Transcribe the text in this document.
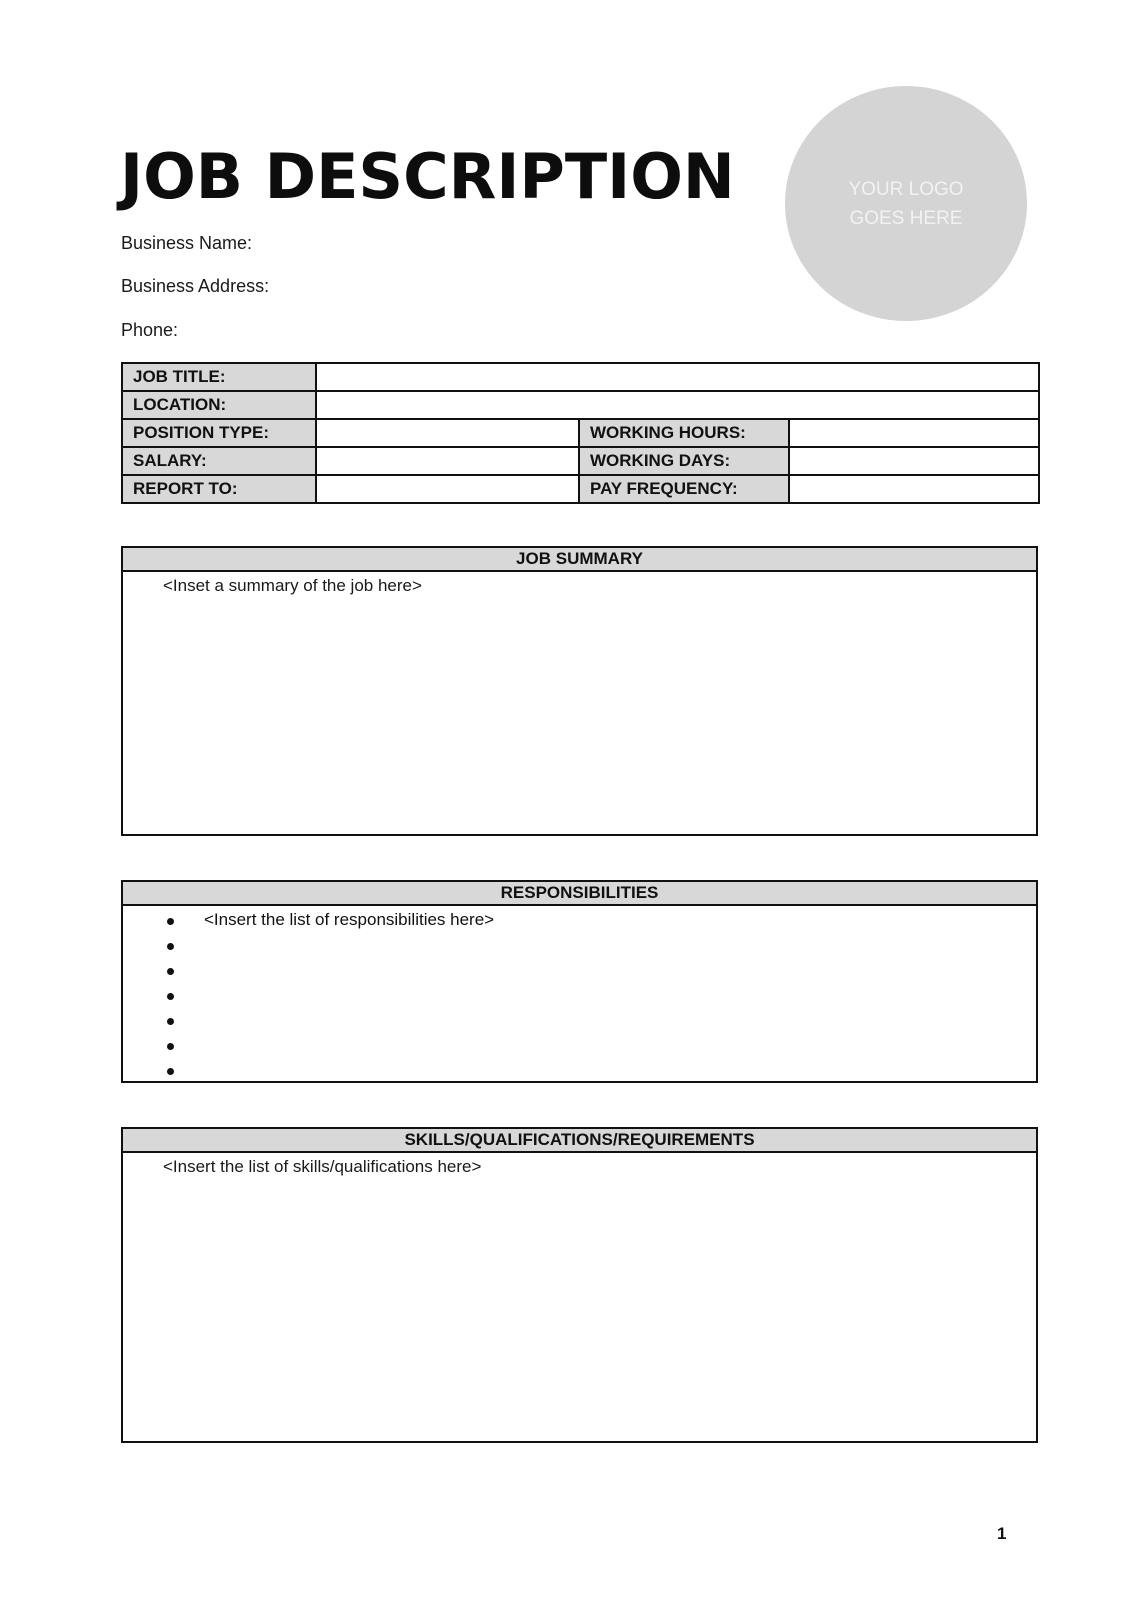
JOB DESCRIPTION	YOUR LOGO
GOES HERE
Business Name:
Business Address:
Phone:
JOB TITLE:			
LOCATION:			
POSITION TYPE:		WORKING HOURS:	
SALARY:		WORKING DAYS:	
REPORT TO:		PAY FREQUENCY:	
JOB SUMMARY
<Inset a summary of the job here>
RESPONSIBILITIES
<Insert the list of responsibilities here>
SKILLS/QUALIFICATIONS/REQUIREMENTS
<Insert the list of skills/qualifications here>
1
